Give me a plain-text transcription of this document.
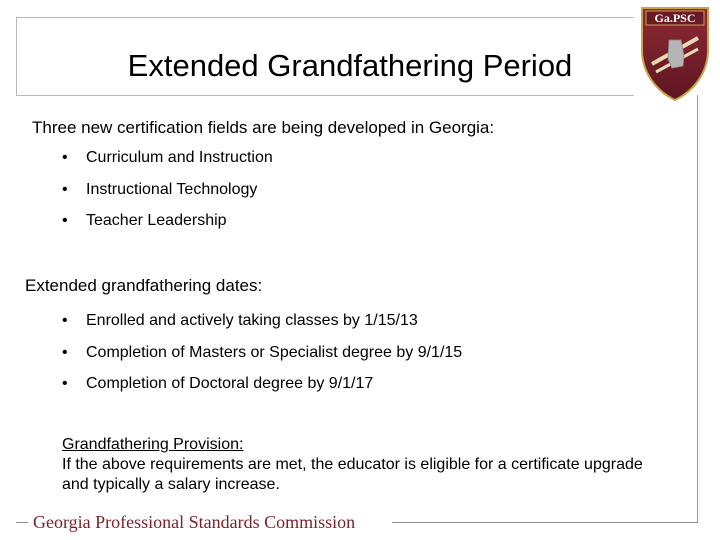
Extended Grandfathering Period
Ga.PSC
Three new certification fields are being developed in Georgia:
• Curriculum and Instruction
• Instructional Technology
• Teacher Leadership
Extended grandfathering dates:
• Enrolled and actively taking classes by 1/15/13
• Completion of Masters or Specialist degree by 9/1/15
• Completion of Doctoral degree by 9/1/17
Grandfathering Provision:
If the above requirements are met, the educator is eligible for a certificate upgrade and typically a salary increase.
Georgia Professional Standards Commission
